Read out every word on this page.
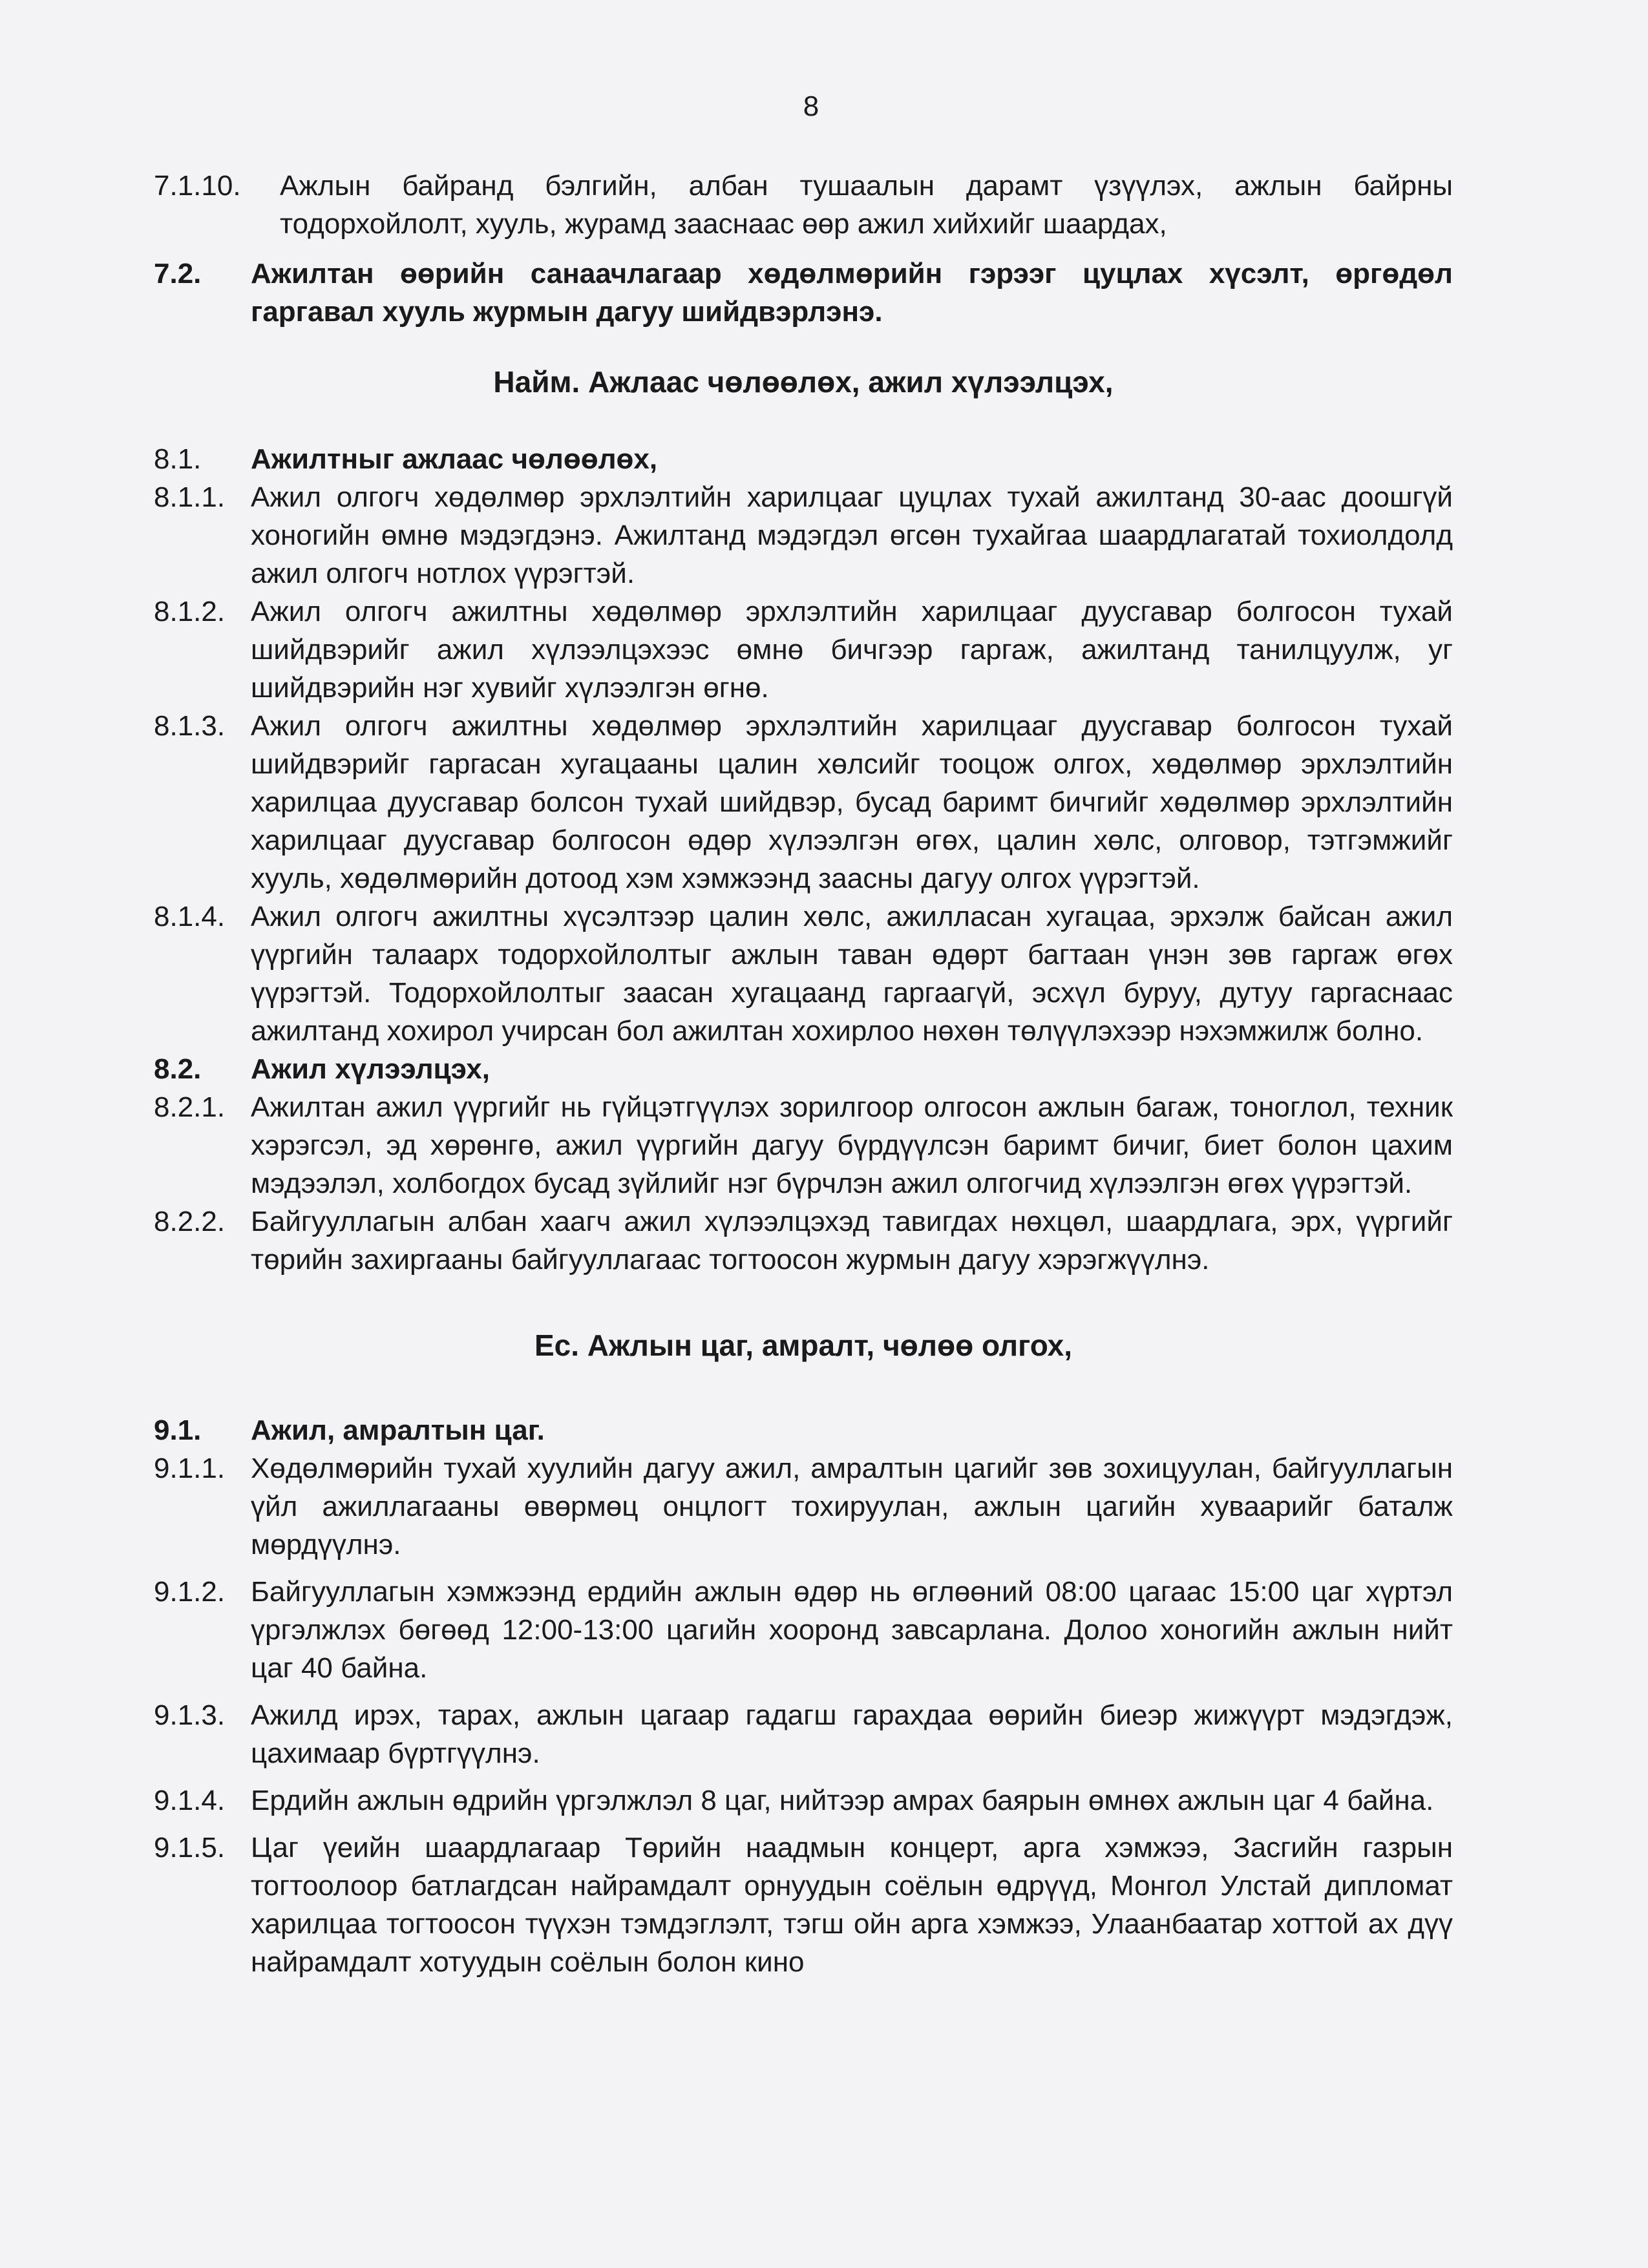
8
7.1.10.	Ажлын байранд бэлгийн, албан тушаалын дарамт үзүүлэх, ажлын байрны тодорхойлолт, хууль, журамд зааснаас өөр ажил хийхийг шаардах,
7.2.	Ажилтан өөрийн санаачлагаар хөдөлмөрийн гэрээг цуцлах хүсэлт, өргөдөл гаргавал хууль журмын дагуу шийдвэрлэнэ.
Найм. Ажлаас чөлөөлөх, ажил хүлээлцэх,
8.1.	Ажилтныг ажлаас чөлөөлөх,
8.1.1. Ажил олгогч хөдөлмөр эрхлэлтийн харилцааг цуцлах тухай ажилтанд 30-аас доошгүй хоногийн өмнө мэдэгдэнэ. Ажилтанд мэдэгдэл өгсөн тухайгаа шаардлагатай тохиолдолд ажил олгогч нотлох үүрэгтэй.
8.1.2. Ажил олгогч ажилтны хөдөлмөр эрхлэлтийн харилцааг дуусгавар болгосон тухай шийдвэрийг ажил хүлээлцэхээс өмнө бичгээр гаргаж, ажилтанд танилцуулж, уг шийдвэрийн нэг хувийг хүлээлгэн өгнө.
8.1.3. Ажил олгогч ажилтны хөдөлмөр эрхлэлтийн харилцааг дуусгавар болгосон тухай шийдвэрийг гаргасан хугацааны цалин хөлсийг тооцож олгох, хөдөлмөр эрхлэлтийн харилцаа дуусгавар болсон тухай шийдвэр, бусад баримт бичгийг хөдөлмөр эрхлэлтийн харилцааг дуусгавар болгосон өдөр хүлээлгэн өгөх, цалин хөлс, олговор, тэтгэмжийг хууль, хөдөлмөрийн дотоод хэм хэмжээнд заасны дагуу олгох үүрэгтэй.
8.1.4. Ажил олгогч ажилтны хүсэлтээр цалин хөлс, ажилласан хугацаа, эрхэлж байсан ажил үүргийн талаарх тодорхойлолтыг ажлын таван өдөрт багтаан үнэн зөв гаргаж өгөх үүрэгтэй. Тодорхойлолтыг заасан хугацаанд гаргаагүй, эсхүл буруу, дутуу гаргаснаас ажилтанд хохирол учирсан бол ажилтан хохирлоо нөхөн төлүүлэхээр нэхэмжилж болно.
8.2.	Ажил хүлээлцэх,
8.2.1. Ажилтан ажил үүргийг нь гүйцэтгүүлэх зорилгоор олгосон ажлын багаж, тоноглол, техник хэрэгсэл, эд хөрөнгө, ажил үүргийн дагуу бүрдүүлсэн баримт бичиг, биет болон цахим мэдээлэл, холбогдох бусад зүйлийг нэг бүрчлэн ажил олгогчид хүлээлгэн өгөх үүрэгтэй.
8.2.2. Байгууллагын албан хаагч ажил хүлээлцэхэд тавигдах нөхцөл, шаардлага, эрх, үүргийг төрийн захиргааны байгууллагаас тогтоосон журмын дагуу хэрэгжүүлнэ.
Ес. Ажлын цаг, амралт, чөлөө олгох,
9.1.	Ажил, амралтын цаг.
9.1.1. Хөдөлмөрийн тухай хуулийн дагуу ажил, амралтын цагийг зөв зохицуулан, байгууллагын үйл ажиллагааны өвөрмөц онцлогт тохируулан, ажлын цагийн хуваарийг баталж мөрдүүлнэ.
9.1.2. Байгууллагын хэмжээнд ердийн ажлын өдөр нь өглөөний 08:00 цагаас 15:00 цаг хүртэл үргэлжлэх бөгөөд 12:00-13:00 цагийн хооронд завсарлана. Долоо хоногийн ажлын нийт цаг 40 байна.
9.1.3. Ажилд ирэх, тарах, ажлын цагаар гадагш гарахдаа өөрийн биеэр жижүүрт мэдэгдэж, цахимаар бүртгүүлнэ.
9.1.4. Ердийн ажлын өдрийн үргэлжлэл 8 цаг, нийтээр амрах баярын өмнөх ажлын цаг 4 байна.
9.1.5. Цаг үеийн шаардлагаар Төрийн наадмын концерт, арга хэмжээ, Засгийн газрын тогтоолоор батлагдсан найрамдалт орнуудын соёлын өдрүүд, Монгол Улстай дипломат харилцаа тогтоосон түүхэн тэмдэглэлт, тэгш ойн арга хэмжээ, Улаанбаатар хоттой ах дүү найрамдалт хотуудын соёлын болон кино
